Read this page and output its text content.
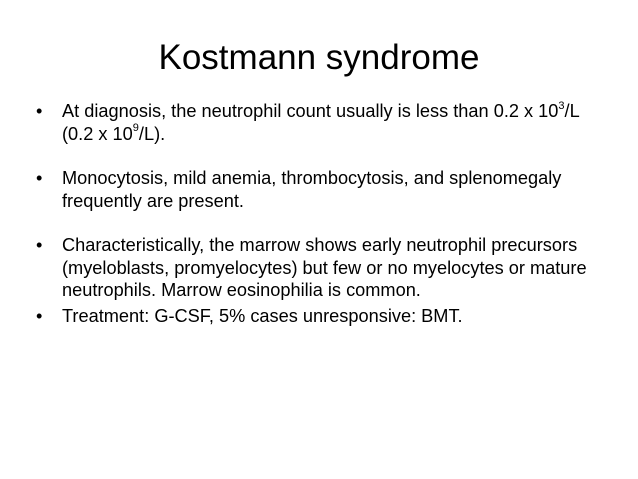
Kostmann syndrome
•	At diagnosis, the neutrophil count usually is less than 0.2 x $10^3/L$ (0.2 x $10^9/L$).
•	Monocytosis, mild anemia, thrombocytosis, and splenomegaly frequently are present.
•	Characteristically, the marrow shows early neutrophil precursors (myeloblasts, promyelocytes) but few or no myelocytes or mature neutrophils. Marrow eosinophilia is common.
•	Treatment: G-CSF, 5% cases unresponsive: BMT.
